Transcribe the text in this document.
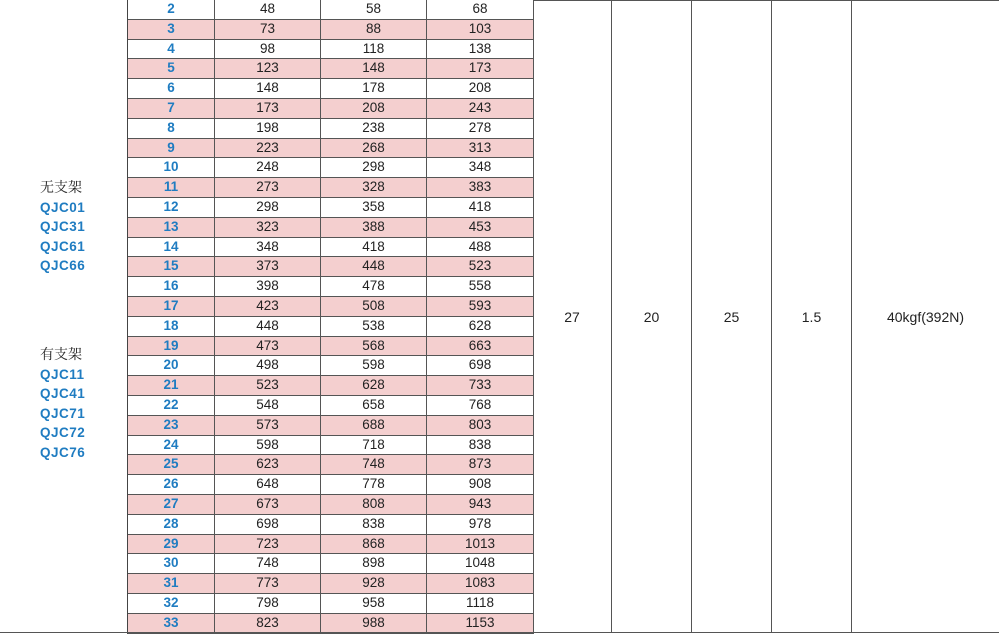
无支架
QJC01
QJC31
QJC61
QJC66
有支架
QJC11
QJC41
QJC71
QJC72
QJC76
2	48	58	68
3	73	88	103
4	98	118	138
5	123	148	173
6	148	178	208
7	173	208	243
8	198	238	278
9	223	268	313
10	248	298	348
11	273	328	383
12	298	358	418
13	323	388	453
14	348	418	488
15	373	448	523
16	398	478	558
17	423	508	593
18	448	538	628
19	473	568	663
20	498	598	698
21	523	628	733
22	548	658	768
23	573	688	803
24	598	718	838
25	623	748	873
26	648	778	908
27	673	808	943
28	698	838	978
29	723	868	1013
30	748	898	1048
31	773	928	1083
32	798	958	1118
33	823	988	1153
27	20	25	1.5	40kgf(392N)
